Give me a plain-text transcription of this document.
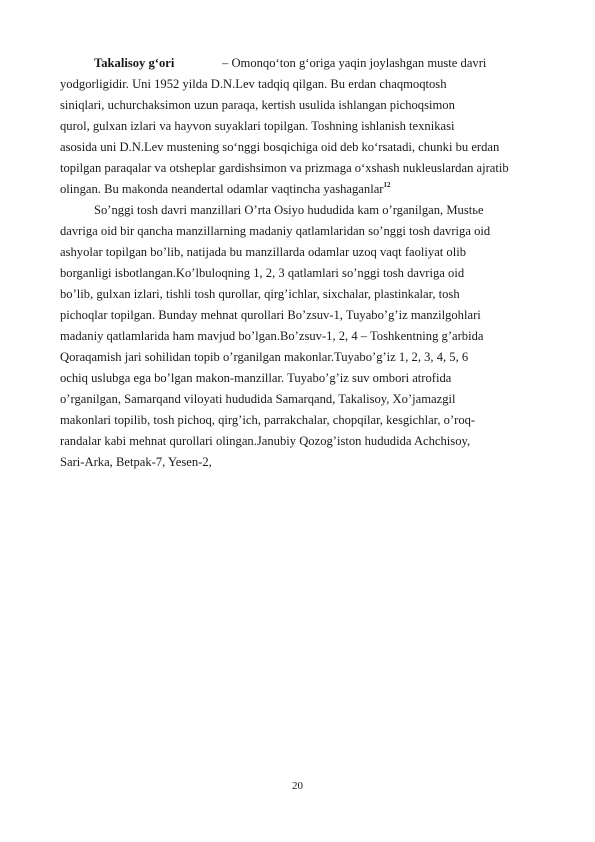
Takalisoy g‘ori	– Omonqo‘ton g‘origa yaqin joylashgan muste davri
yodgorligidir. Uni 1952 yilda D.N.Lev tadqiq qilgan. Bu erdan chaqmoqtosh
siniqlari, uchurchaksimon uzun paraqa, kertish usulida ishlangan pichoqsimon
qurol, gulxan izlari va hayvon suyaklari topilgan. Toshning ishlanish texnikasi
asosida uni D.N.Lev mustening so‘nggi bosqichiga oid deb ko‘rsatadi, chunki bu erdan
topilgan paraqalar va otsheplar gardishsimon va prizmaga o‘xshash nukleuslardan ajratib
olingan. Bu makonda neandertal odamlar vaqtincha yashaganlar$^{12}$
So’nggi tosh davri manzillari O’rta Osiyo hududida kam o’rganilgan, Mustье
davriga oid bir qancha manzillarning madaniy qatlamlaridan so’nggi tosh davriga oid
ashyolar topilgan bo’lib, natijada bu manzillarda odamlar uzoq vaqt faoliyat olib
borganligi isbotlangan.Ko’lbuloqning 1, 2, 3 qatlamlari so’nggi tosh davriga oid
bo’lib, gulxan izlari, tishli tosh qurollar, qirg’ichlar, sixchalar, plastinkalar, tosh
pichoqlar topilgan. Bunday mehnat qurollari Bo’zsuv-1, Tuyabo’g’iz manzilgohlari
madaniy qatlamlarida ham mavjud bo’lgan.Bo’zsuv-1, 2, 4 – Toshkentning g’arbida
Qoraqamish jari sohilidan topib o’rganilgan makonlar.Tuyabo’g’iz 1, 2, 3, 4, 5, 6
ochiq uslubga ega bo’lgan makon-manzillar. Tuyabo’g’iz suv ombori atrofida
o’rganilgan, Samarqand viloyati hududida Samarqand, Takalisoy, Xo’jamazgil
makonlari topilib, tosh pichoq, qirg’ich, parrakchalar, chopqilar, kesgichlar, o’roq-
randalar kabi mehnat qurollari olingan.Janubiy Qozog’iston hududida Achchisoy,
Sari-Arka, Betpak-7, Yesen-2,
20
